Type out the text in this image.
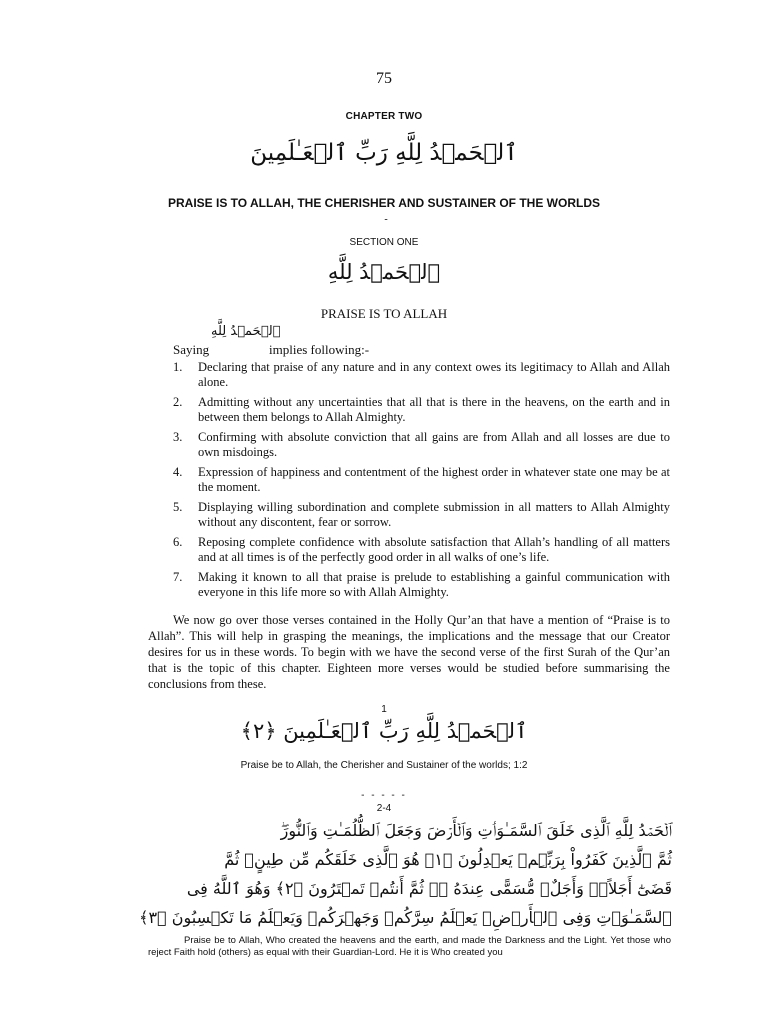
75
CHAPTER TWO
ٱلۡحَمۡدُ لِلَّهِ رَبِّ ٱلۡعَـٰلَمِينَ
PRAISE IS TO ALLAH, THE CHERISHER AND SUSTAINER OF THE WORLDS
-
SECTION ONE
ٱلۡحَمۡدُ لِلَّهِ
PRAISE IS TO ALLAH
ٱلۡحَمۡدُ لِلَّهِ
Saying	implies following:-
1.	Declaring that praise of any nature and in any context owes its legitimacy to Allah and Allah alone.
2.	Admitting without any uncertainties that all that is there in the heavens, on the earth and in between them belongs to Allah Almighty.
3.	Confirming with absolute conviction that all gains are from Allah and all losses are due to own misdoings.
4.	Expression of happiness and contentment of the highest order in whatever state one may be at the moment.
5.	Displaying willing subordination and complete submission in all matters to Allah Almighty without any discontent, fear or sorrow.
6.	Reposing complete confidence with absolute satisfaction that Allah’s handling of all matters and at all times is of the perfectly good order in all walks of one’s life.
7.	Making it known to all that praise is prelude to establishing a gainful communication with everyone in this life more so with Allah Almighty.

We now go over those verses contained in the Holly Qur’an that have a mention of “Praise is to Allah”. This will help in grasping the meanings, the implications and the message that our Creator desires for us in these words. To begin with we have the second verse of the first Surah of the Qur’an that is the topic of this chapter. Eighteen more verses would be studied before summarising the conclusions from these.

1
ٱلۡحَمۡدُ لِلَّهِ رَبِّ ٱلۡعَـٰلَمِينَ ﴿٢﴾
Praise be to Allah, the Cherisher and Sustainer of the worlds; 1:2
- - - - -
2-4
ٱلۡحَمۡدُ لِلَّهِ ٱلَّذِى خَلَقَ ٱلسَّمَـٰوَٲتِ وَٱلۡأَرۡضَ وَجَعَلَ ٱلظُّلُمَـٰتِ وَٱلنُّورَ‌ۖ
ثُمَّ ٱلَّذِينَ كَفَرُواْ بِرَبِّہِمۡ يَعۡدِلُونَ ﴿١﴾ هُوَ ٱلَّذِى خَلَقَكُم مِّن طِينٍ۬ ثُمَّ
قَضَىٰٓ أَجَلاً۬‌ۖ وَأَجَلٌ۬ مُّسَمًّى عِندَهُ ۥ‌ۖ ثُمَّ أَنتُمۡ تَمۡتَرُونَ ﴿٢﴾ وَهُوَ ٱللَّهُ فِى
ٱلسَّمَـٰوَٲتِ وَفِى ٱلۡأَرۡضِ‌ۖ يَعۡلَمُ سِرَّكُمۡ وَجَهۡرَكُمۡ وَيَعۡلَمُ مَا تَكۡسِبُونَ ﴿٣﴾

Praise be to Allah, Who created the heavens and the earth, and made the Darkness and the Light. Yet those who reject Faith hold (others) as equal with their Guardian-Lord. He it is Who created you
